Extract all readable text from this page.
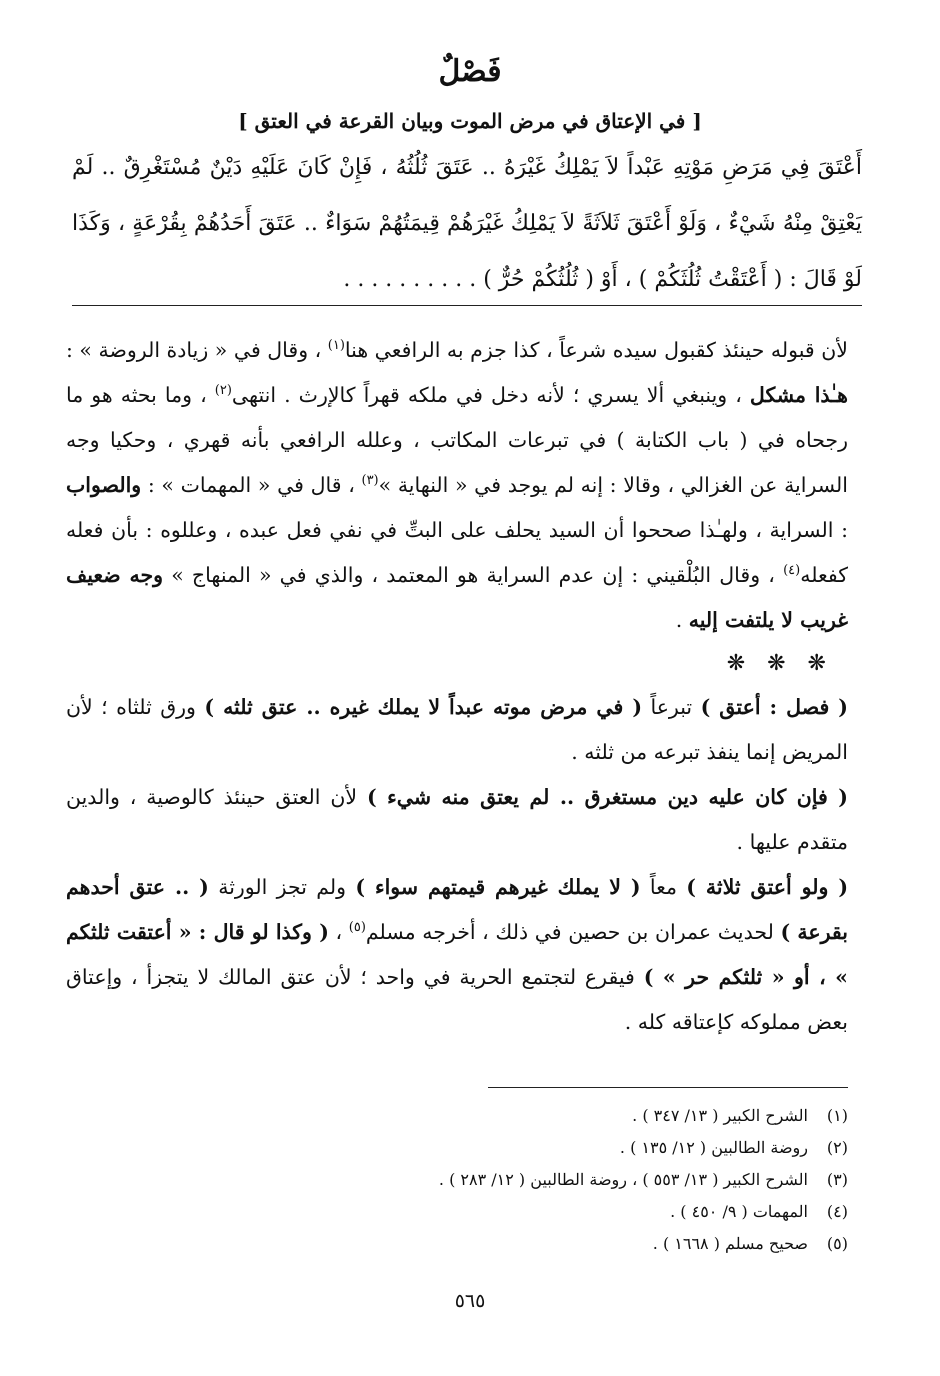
فَصْلٌ
[ في الإعتاق في مرض الموت وبيان القرعة في العتق ]

أَعْتَقَ فِي مَرَضِ مَوْتِهِ عَبْداً لاَ يَمْلِكُ غَيْرَهُ .. عَتَقَ ثُلُثُهُ ، فَإِنْ كَانَ عَلَيْهِ دَيْنٌ مُسْتَغْرِقٌ .. لَمْ يَعْتِقْ مِنْهُ شَيْءٌ ، وَلَوْ أَعْتَقَ ثَلاَثَةً لاَ يَمْلِكُ غَيْرَهُمْ قِيمَتُهُمْ سَوَاءٌ .. عَتَقَ أَحَدُهُمْ بِقُرْعَةٍ ، وَكَذَا لَوْ قَالَ : ( أَعْتَقْتُ ثُلُثَكُمْ ) ، أَوْ ( ثُلُثُكُمْ حُرٌّ ) . . . . . . . . . .

لأن قبوله حينئذ كقبول سيده شرعاً ، كذا جزم به الرافعي هنا$^{(١)}$ ، وقال في « زيادة الروضة » : هـٰذا مشكل ، وينبغي ألا يسري ؛ لأنه دخل في ملكه قهراً كالإرث . انتهى$^{(٢)}$ ، وما بحثه هو ما رجحاه في ( باب الكتابة ) في تبرعات المكاتب ، وعلله الرافعي بأنه قهري ، وحكيا وجه السراية عن الغزالي ، وقالا : إنه لم يوجد في « النهاية »$^{(٣)}$ ، قال في « المهمات » : والصواب : السراية ، ولهـٰذا صححوا أن السيد يحلف على البتِّ في نفي فعل عبده ، وعللوه : بأن فعله كفعله$^{(٤)}$ ، وقال البُلْقيني : إن عدم السراية هو المعتمد ، والذي في « المنهاج » وجه ضعيف غريب لا يلتفت إليه .

❋❋❋

( فصل : أعتق ) تبرعاً ( في مرض موته عبداً لا يملك غيره .. عتق ثلثه ) ورق ثلثاه ؛ لأن المريض إنما ينفذ تبرعه من ثلثه .

( فإن كان عليه دين مستغرق .. لم يعتق منه شيء ) لأن العتق حينئذ كالوصية ، والدين متقدم عليها .

( ولو أعتق ثلاثة ) معاً ( لا يملك غيرهم قيمتهم سواء ) ولم تجز الورثة ( .. عتق أحدهم بقرعة ) لحديث عمران بن حصين في ذلك ، أخرجه مسلم$^{(٥)}$ ، ( وكذا لو قال : « أعتقت ثلثكم » ، أو « ثلثكم حر » ) فيقرع لتجتمع الحرية في واحد ؛ لأن عتق المالك لا يتجزأ ، وإعتاق بعض مملوكه كإعتاقه كله .

(١)
الشرح الكبير ( ١٣/ ٣٤٧ ) .
(٢)
روضة الطالبين ( ١٢/ ١٣٥ ) .
(٣)
الشرح الكبير ( ١٣/ ٥٥٣ ) ، روضة الطالبين ( ١٢/ ٢٨٣ ) .
(٤)
المهمات ( ٩/ ٤٥٠ ) .
(٥)
صحيح مسلم ( ١٦٦٨ ) .
٥٦٥
